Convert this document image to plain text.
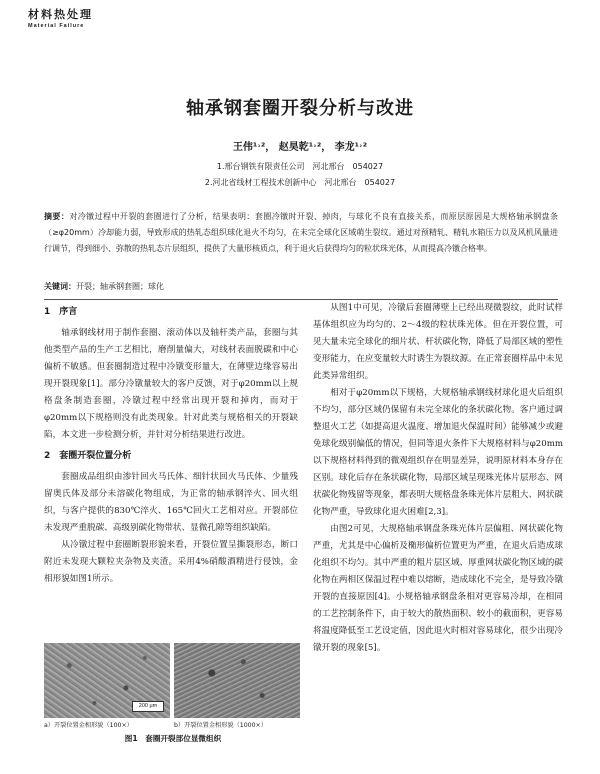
材料热处理
Material Failure
轴承钢套圈开裂分析与改进
王伟¹˒²， 赵昊乾¹˒²， 李龙¹˒²
1.邢台钢铁有限责任公司　河北邢台　054027
2.河北省线材工程技术创新中心　河北邢台　054027
摘要：对冷镦过程中开裂的套圈进行了分析，结果表明：套圈冷镦时开裂、掉肉，与球化不良有直接关系，而原层原因是大规格轴承钢盘条（≥φ20mm）冷却能力弱，导致形成的热轧态组织球化退火不均匀，在未完全球化区域萌生裂纹。通过对预精轧、精轧水箱压力以及风机风量进行调节，得到细小、弥散的热轧态片层组织，提供了大量形核质点，利于退火后获得均匀的粒状珠光体，从而提高冷镦合格率。
关键词：开裂；轴承钢套圈；球化
1　序言

轴承钢线材用于制作套圈、滚动体以及轴杆类产品，套圈与其他类型产品的生产工艺相比，磨削量偏大，对线材表面脱碳和中心偏析不敏感。但套圈制造过程中冷镦变形量大，在薄壁边缘容易出现开裂现象[1]。部分冷镦量较大的客户反馈，对于φ20mm以上规格盘条制造套圈，冷镦过程中经常出现开裂和掉肉，而对于φ20mm以下规格则没有此类现象。针对此类与规格相关的开裂缺陷，本文进一步检测分析，并针对分析结果进行改进。

2　套圈开裂位置分析

套圈成品组织由渗针回火马氏体、细针状回火马氏体、少量残留奥氏体及部分未溶碳化物组成，为正常的轴承钢淬火、回火组织，与客户提供的830℃淬火、165℃回火工艺相对应。开裂部位未发现严重脱碳、高级别碳化物带状、显微孔隙等组织缺陷。

从冷镦过程中套圈断裂形貌来看，开裂位置呈撕裂形态，断口附近未发现大颗粒夹杂物及夹渣。采用4%硝酸酒精进行侵蚀，金相形貌如图1所示。

200 μm
a）开裂位置金相形貌（100×）	b）开裂位置金相形貌（1000×）
图1　套圈开裂部位显微组织

从图1中可见，冷镦后套圈薄壁上已经出现微裂纹，此时试样基体组织应为均匀的、2～4级的粒状珠光体。但在开裂位置，可见大量未完全球化的细片状、杆状碳化物，降低了局部区域的塑性变形能力，在应变量较大时诱生为裂纹源。在正常套圈样品中未见此类异常组织。

相对于φ20mm以下规格，大规格轴承钢线材球化退火后组织不均匀，部分区域仍保留有未完全球化的条状碳化物。客户通过调整退火工艺（如提高退火温度、增加退火保温时间）能够减少或避免球化级别偏低的情况，但同等退火条件下大规格材料与φ20mm以下规格材料得到的微观组织存在明显差异，说明原材料本身存在区别。球化后存在条状碳化物，局部区域呈现珠光体片层形态、网状碳化物残留等现象，都表明大规格盘条珠光体片层粗大、网状碳化物严重，导致球化退火困难[2,3]。

由图2可见，大规格轴承钢盘条珠光体片层偏粗、网状碳化物严重，尤其是中心偏析及椭形偏析位置更为严重，在退火后造成球化组织不均匀。其中严重的粗片层区域、厚重网状碳化物区域的碳化物在两相区保温过程中难以熔断，造成球化不完全，是导致冷镦开裂的直接原因[4]。小规格轴承钢盘条相对更容易冷却，在相同的工艺控制条件下，由于较大的散热面积、较小的截面积，更容易将温度降低至工艺设定值，因此退火时相对容易球化，很少出现冷镦开裂的现象[5]。
